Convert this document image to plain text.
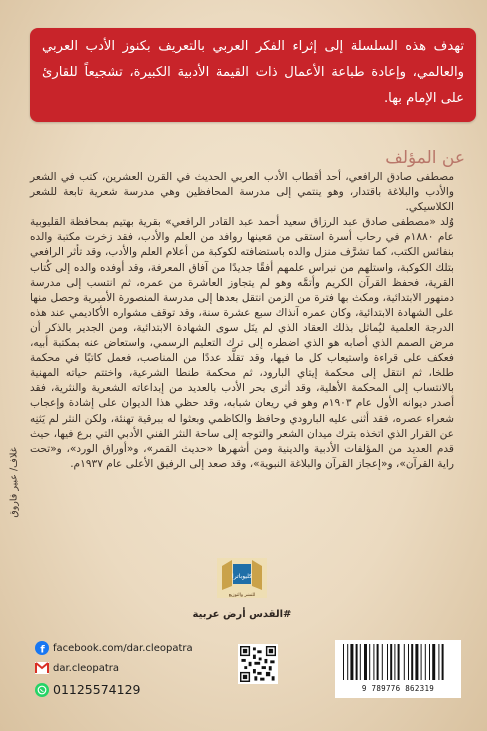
تهدف هذه السلسلة إلى إثراء الفكر العربي بالتعريف بكنوز الأدب العربي والعالمي، وإعادة طباعة الأعمال ذات القيمة الأدبية الكبيرة، تشجيعاً للقارئ على الإمام بها.
عن المؤلف

مصطفى صادق الرافعي، أحد أقطاب الأدب العربي الحديث في القرن العشرين، كتب في الشعر والأدب والبلاغة باقتدار، وهو ينتمي إلى مدرسة المحافظين وهي مدرسة شعرية تابعة للشعر الكلاسيكي.

وُلد «مصطفى صادق عبد الرزاق سعيد أحمد عبد القادر الرافعي» بقرية بهتيم بمحافظة القليوبية عام ١٨٨٠م في رحاب أسرة استقى من مَعينها روافد من العلم والأدب، فقد زخرت مكتبة والده بنفائس الكتب، كما تشرَّف منزل والده باستضافته لكوكبة من أعلام العلم والأدب، وقد تأثر الرافعي بتلك الكوكبة، واستلهم من نبراس علمهم أفقًا جديدًا من آفاق المعرفة، وقد أوفده والده إلى كُتاب القرية، فحفظ القرآن الكريم وأتمَّه وهو لم يتجاوز العاشرة من عمره، ثم انتسب إلى مدرسة دمنهور الابتدائية، ومكث بها فترة من الزمن انتقل بعدها إلى مدرسة المنصورة الأميرية وحصل منها على الشهادة الابتدائية، وكان عمره آنذاك سبع عشرة سنة، وقد توقف مشواره الأكاديمي عند هذه الدرجة العلمية ليُماثل بذلك العقاد الذي لم ينَل سوى الشهادة الابتدائية، ومن الجدير بالذكر أن مرض الصمم الذي أصابه هو الذي اضطره إلى ترك التعليم الرسمي، واستعاض عنه بمكتبة أبيه، فعكف على قراءة واستيعاب كل ما فيها، وقد تقلَّد عددًا من المناصب، فعمل كاتبًا في محكمة طلخا، ثم انتقل إلى محكمة إيتاي البارود، ثم محكمة طنطا الشرعية، واختتم حياته المهنية بالانتساب إلى المحكمة الأهلية، وقد أثرى بحر الأدب بالعديد من إبداعاته الشعرية والنثرية، فقد أصدر ديوانه الأول عام ١٩٠٣م وهو في ريعان شبابه، وقد حظي هذا الديوان على إشادة وإعجاب شعراء عصره، فقد أثنى عليه البارودي وحافظ والكاظمي وبعثوا له ببرقية تهنئة، ولكن النثر لم يَثنِه عن القرار الذي اتخذه بترك ميدان الشعر والتوجه إلى ساحة النثر الفني الأدبي التي برع فيها، حيث قدم العديد من المؤلفات الأدبية والدينية ومن أشهرها «حديث القمر»، و«أوراق الورد»، و«تحت راية القرآن»، و«إعجاز القرآن والبلاغة النبوية»، وقد صعد إلى الرفيق الأعلى عام ١٩٣٧م.

غلاف/ عبير فاروق
كليوباترا
للنشر والتوزيع
#القدس أرض عربية
f facebook.com/dar.cleopatra
dar.cleopatra
01125574129	9 789776 862319
